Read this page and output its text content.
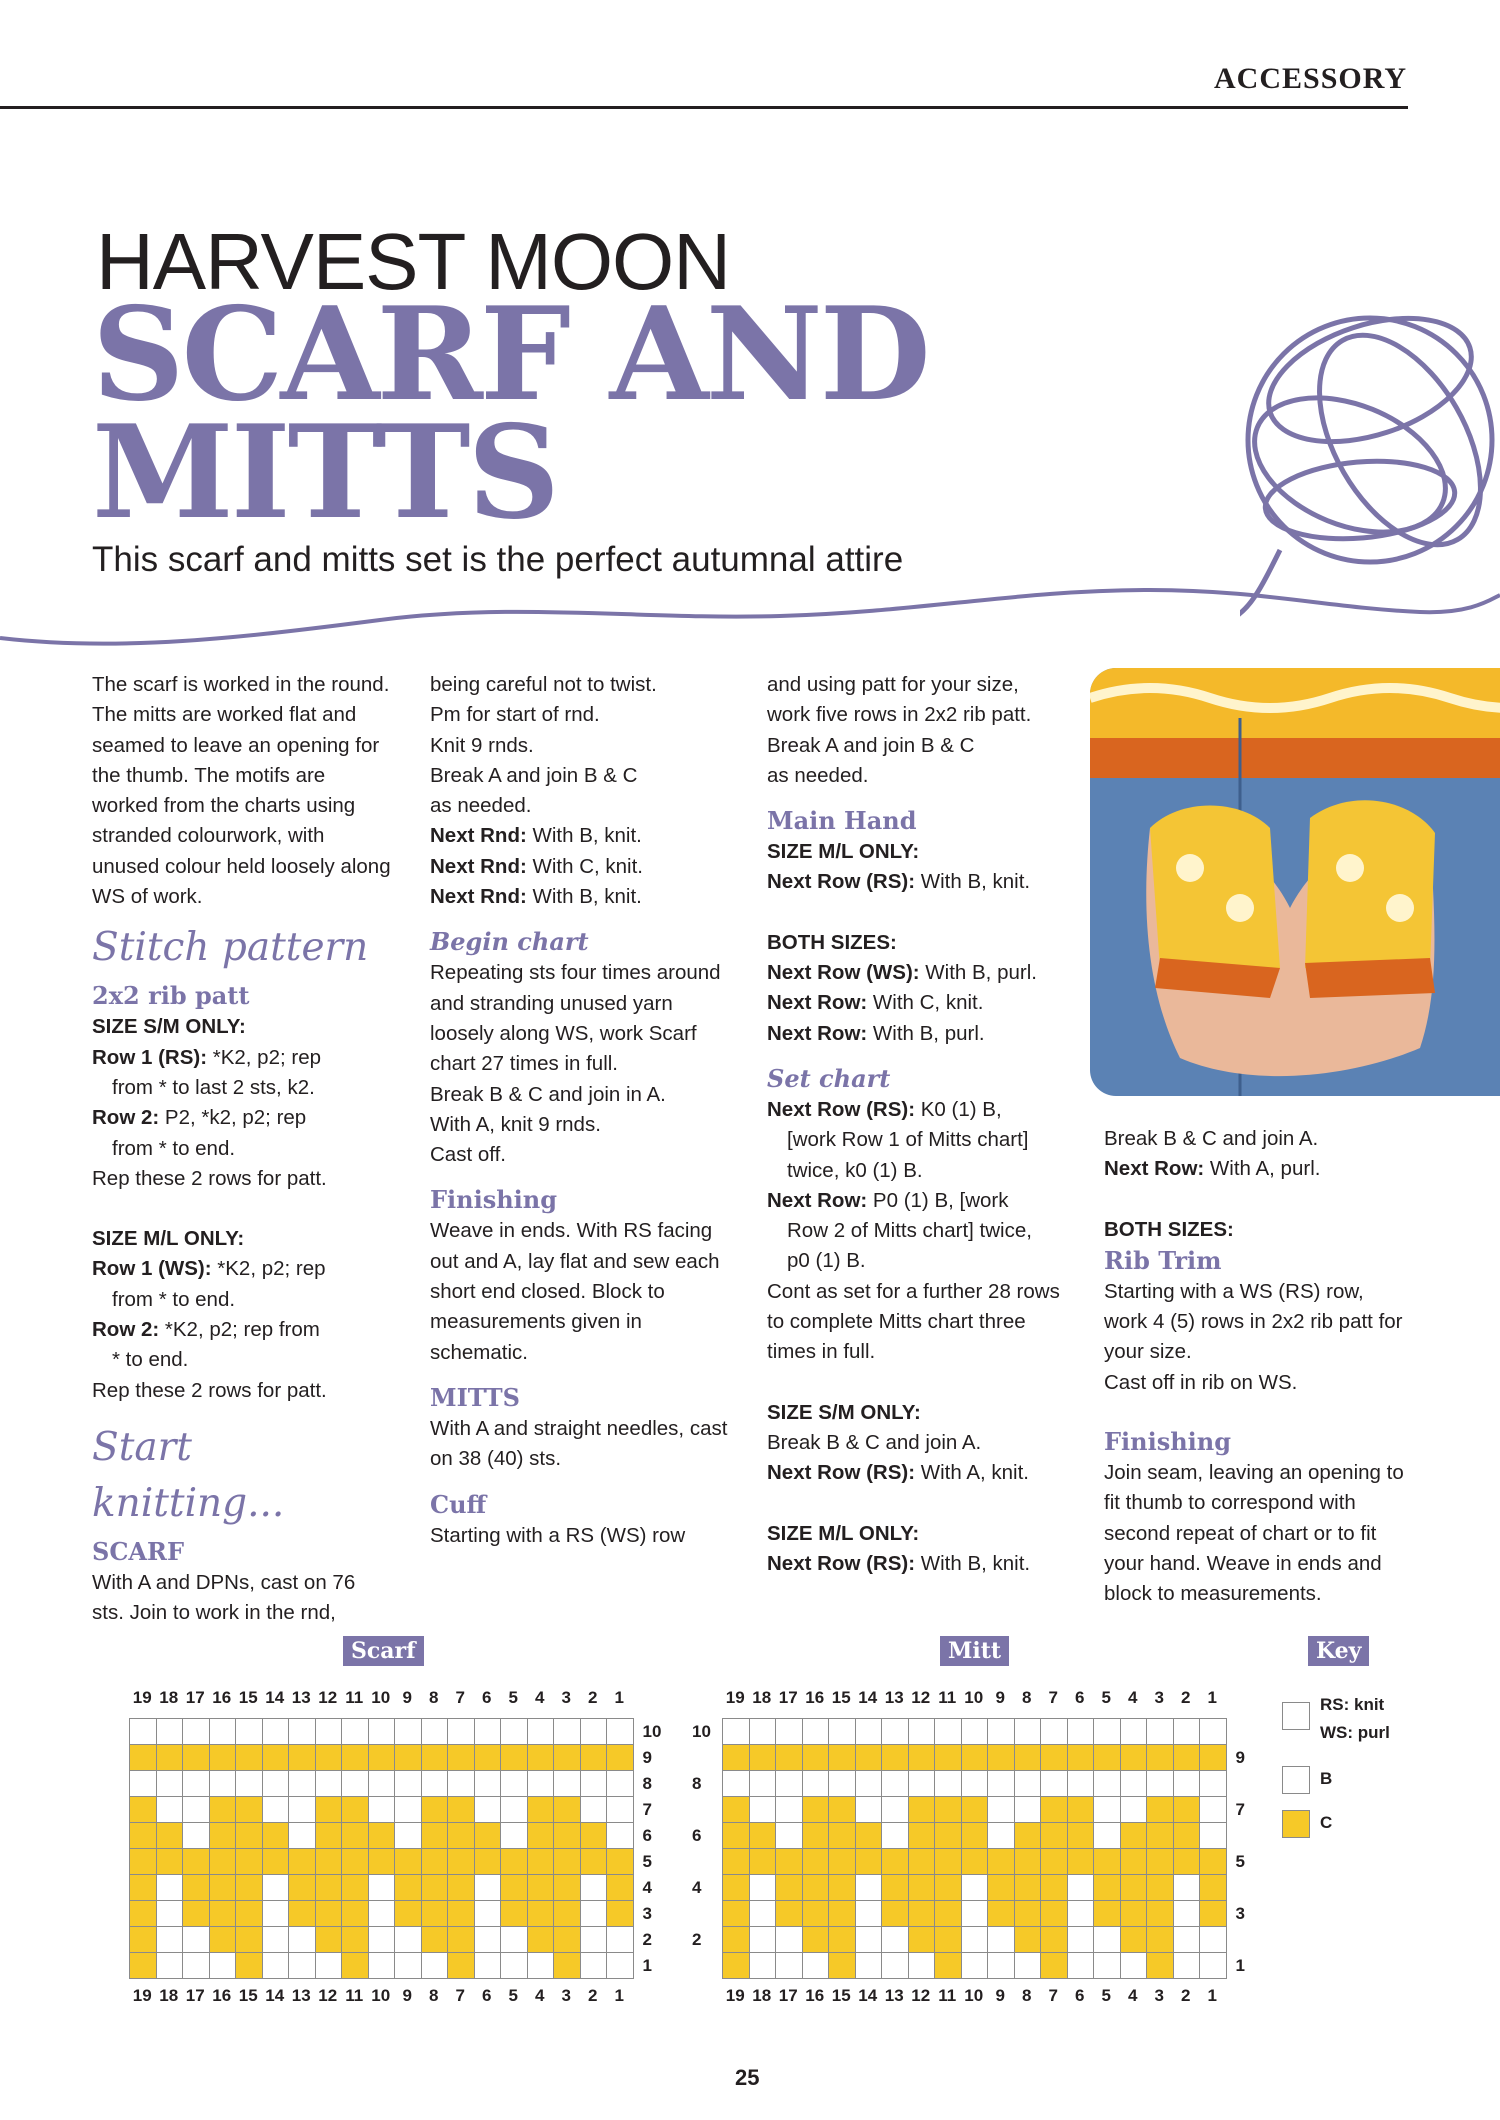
ACCESSORY
HARVEST MOON
SCARF AND
MITTS
This scarf and mitts set is the perfect autumnal attire

The scarf is worked in the round. The mitts are worked flat and seamed to leave an opening for the thumb. The motifs are worked from the charts using stranded colourwork, with unused colour held loosely along WS of work.

Stitch pattern
2x2 rib patt

SIZE S/M ONLY:

Row 1 (RS): *K2, p2; rep

from * to last 2 sts, k2.

Row 2: P2, *k2, p2; rep

from * to end.

Rep these 2 rows for patt.

SIZE M/L ONLY:

Row 1 (WS): *K2, p2; rep

from * to end.

Row 2: *K2, p2; rep from

* to end.

Rep these 2 rows for patt.

Start knitting...
SCARF

With A and DPNs, cast on 76 sts. Join to work in the rnd,

being careful not to twist.

Pm for start of rnd.

Knit 9 rnds.

Break A and join B & C

as needed.

Next Rnd: With B, knit.

Next Rnd: With C, knit.

Next Rnd: With B, knit.

Begin chart

Repeating sts four times around and stranding unused yarn loosely along WS, work Scarf chart 27 times in full.

Break B & C and join in A.

With A, knit 9 rnds.

Cast off.

Finishing

Weave in ends. With RS facing out and A, lay flat and sew each short end closed. Block to measurements given in schematic.

MITTS

With A and straight needles, cast on 38 (40) sts.

Cuff

Starting with a RS (WS) row

and using patt for your size, work five rows in 2x2 rib patt.

Break A and join B & C

as needed.

Main Hand

SIZE M/L ONLY:

Next Row (RS): With B, knit.

BOTH SIZES:

Next Row (WS): With B, purl.

Next Row: With C, knit.

Next Row: With B, purl.

Set chart

Next Row (RS): K0 (1) B,

[work Row 1 of Mitts chart]

twice, k0 (1) B.

Next Row: P0 (1) B, [work

Row 2 of Mitts chart] twice,

p0 (1) B.

Cont as set for a further 28 rows to complete Mitts chart three times in full.

SIZE S/M ONLY:

Break B & C and join A.

Next Row (RS): With A, knit.

SIZE M/L ONLY:

Next Row (RS): With B, knit.

Break B & C and join A.

Next Row: With A, purl.

BOTH SIZES:

Rib Trim

Starting with a WS (RS) row, work 4 (5) rows in 2x2 rib patt for your size.

Cast off in rib on WS.

Finishing

Join seam, leaving an opening to fit thumb to correspond with second repeat of chart or to fit your hand. Weave in ends and block to measurements.

Scarf	Mitt	Key
19 18 17 16 15 14 13 12 11 10 9	8	7	6	5	4	3	2	1
19 18 17 16 15 14 13 12 11 10 9	8	7	6	5	4	3	2	1

10
9
8
7
6
5
4
3
2
1
19 18 17 16 15 14 13 12 11 10 9	8	7	6	5	4	3	2	1
19 18 17 16 15 14 13 12 11 10 9	8	7	6	5	4	3	2	1

9
7
5
3
1
10
8
6
4
2
RS: knit
WS: purl
B
C
25
